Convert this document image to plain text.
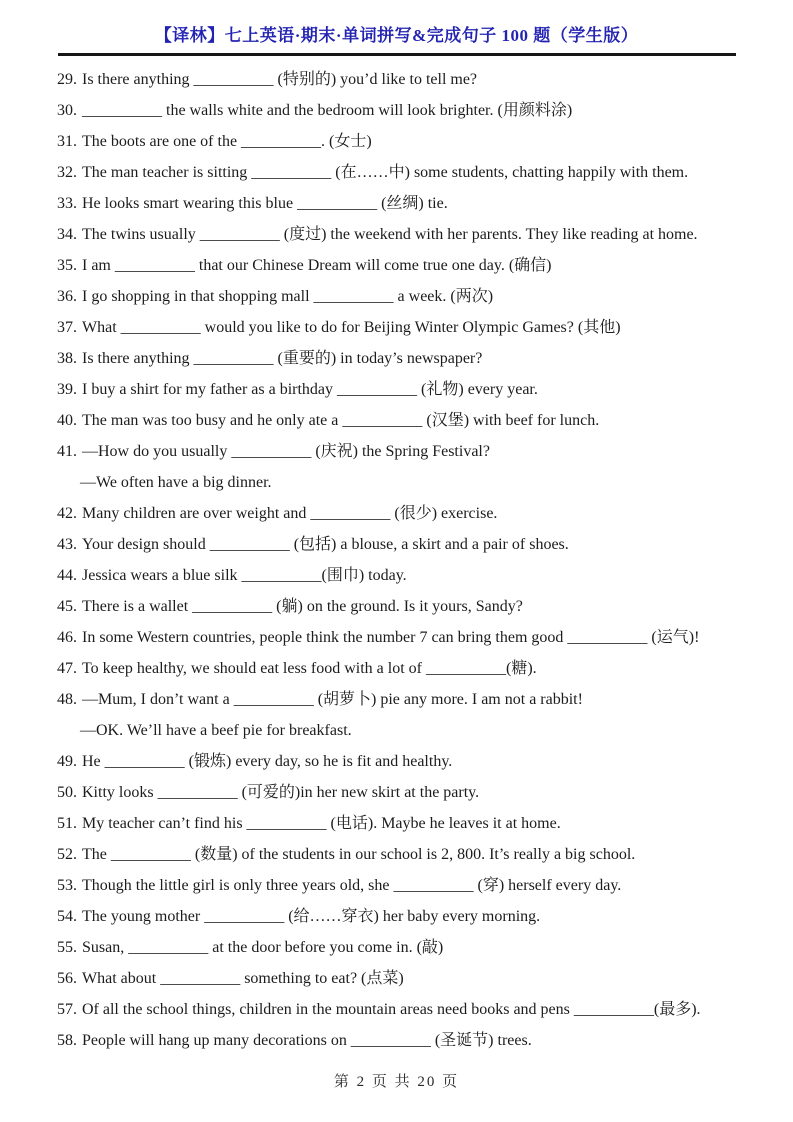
【译林】七上英语·期末·单词拼写&完成句子 100 题（学生版）
29. Is there anything __________ (特别的) you’d like to tell me?
30. __________ the walls white and the bedroom will look brighter. (用颜料涂)
31. The boots are one of the __________. (女士)
32. The man teacher is sitting __________ (在……中) some students, chatting happily with them.
33. He looks smart wearing this blue __________ (丝绸) tie.
34. The twins usually __________ (度过) the weekend with her parents. They like reading at home.
35. I am __________ that our Chinese Dream will come true one day. (确信)
36. I go shopping in that shopping mall __________ a week. (两次)
37. What __________ would you like to do for Beijing Winter Olympic Games? (其他)
38. Is there anything __________ (重要的) in today’s newspaper?
39. I buy a shirt for my father as a birthday __________ (礼物) every year.
40. The man was too busy and he only ate a __________ (汉堡) with beef for lunch.
41. —How do you usually __________ (庆祝) the Spring Festival?
—We often have a big dinner.
42. Many children are over weight and __________ (很少) exercise.
43. Your design should __________ (包括) a blouse, a skirt and a pair of shoes.
44. Jessica wears a blue silk __________(围巾) today.
45. There is a wallet __________ (躺) on the ground. Is it yours, Sandy?
46. In some Western countries, people think the number 7 can bring them good __________ (运气)!
47. To keep healthy, we should eat less food with a lot of __________(糖).
48. —Mum, I don’t want a __________ (胡萝卜) pie any more. I am not a rabbit!
—OK. We’ll have a beef pie for breakfast.
49. He __________ (锻炼) every day, so he is fit and healthy.
50. Kitty looks __________ (可爱的)in her new skirt at the party.
51. My teacher can’t find his __________ (电话). Maybe he leaves it at home.
52. The __________ (数量) of the students in our school is 2, 800. It’s really a big school.
53. Though the little girl is only three years old, she __________ (穿) herself every day.
54. The young mother __________ (给……穿衣) her baby every morning.
55. Susan, __________ at the door before you come in. (敲)
56. What about __________ something to eat? (点菜)
57. Of all the school things, children in the mountain areas need books and pens __________(最多).
58. People will hang up many decorations on __________ (圣诞节) trees.
第 2 页 共 20 页
